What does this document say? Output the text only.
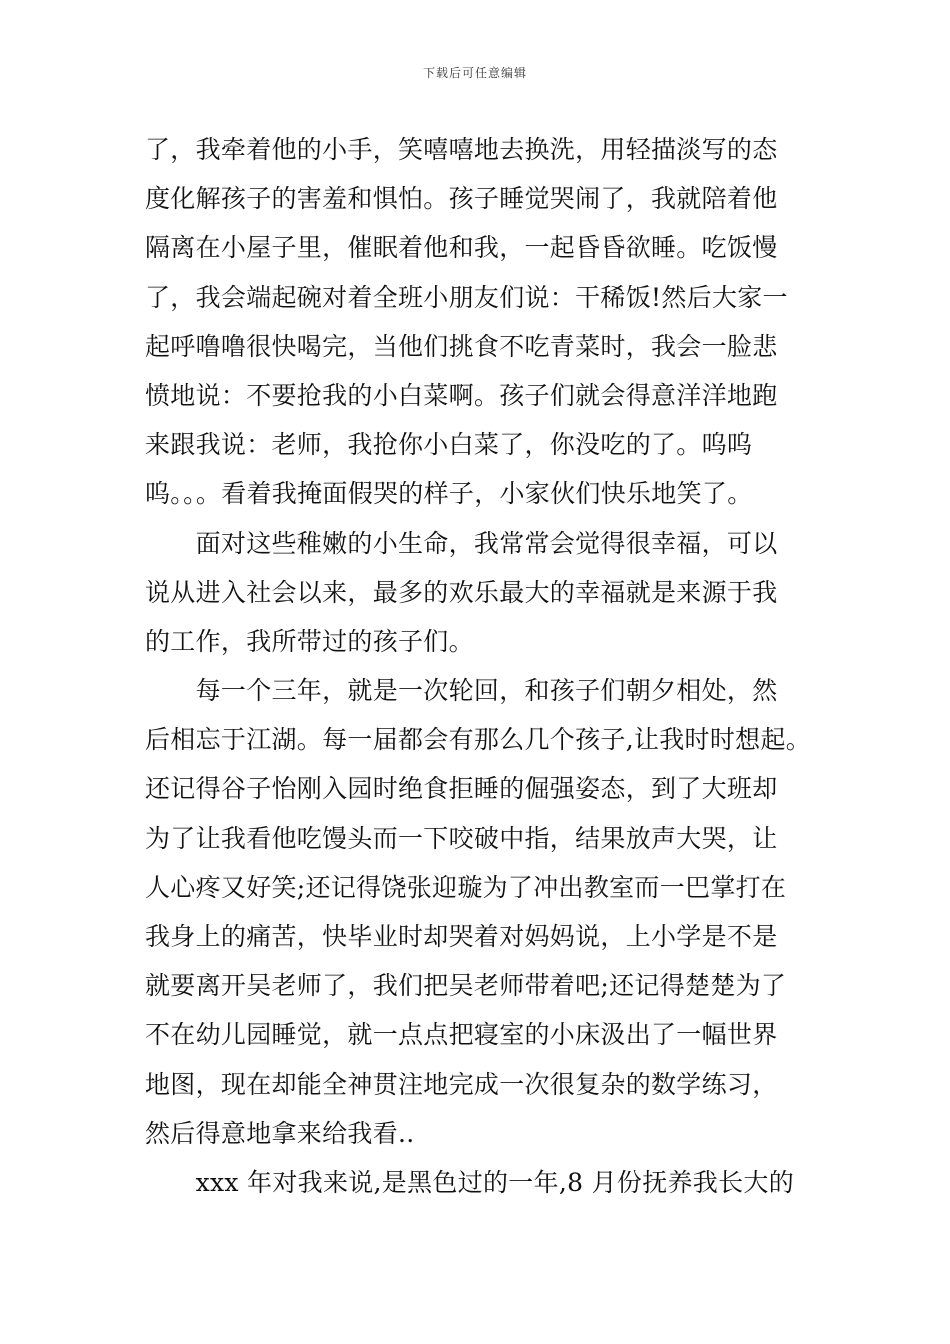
下载后可任意编辑
了，我牵着他的小手，笑嘻嘻地去换洗，用轻描淡写的态
度化解孩子的害羞和惧怕。孩子睡觉哭闹了，我就陪着他
隔离在小屋子里，催眠着他和我，一起昏昏欲睡。吃饭慢
了，我会端起碗对着全班小朋友们说：干稀饭!然后大家一
起呼噜噜很快喝完，当他们挑食不吃青菜时，我会一脸悲
愤地说：不要抢我的小白菜啊。孩子们就会得意洋洋地跑
来跟我说：老师，我抢你小白菜了，你没吃的了。呜呜
呜。。。看着我掩面假哭的样子，小家伙们快乐地笑了。
　　面对这些稚嫩的小生命，我常常会觉得很幸福，可以
说从进入社会以来，最多的欢乐最大的幸福就是来源于我
的工作，我所带过的孩子们。
　　每一个三年，就是一次轮回，和孩子们朝夕相处，然
后相忘于江湖。每一届都会有那么几个孩子,让我时时想起。
还记得谷子怡刚入园时绝食拒睡的倔强姿态，到了大班却
为了让我看他吃馒头而一下咬破中指，结果放声大哭，让
人心疼又好笑;还记得饶张迎璇为了冲出教室而一巴掌打在
我身上的痛苦，快毕业时却哭着对妈妈说，上小学是不是
就要离开吴老师了，我们把吴老师带着吧;还记得楚楚为了
不在幼儿园睡觉，就一点点把寝室的小床汲出了一幅世界
地图，现在却能全神贯注地完成一次很复杂的数学练习，
然后得意地拿来给我看..
　　xxx 年对我来说,是黑色过的一年,8 月份抚养我长大的
